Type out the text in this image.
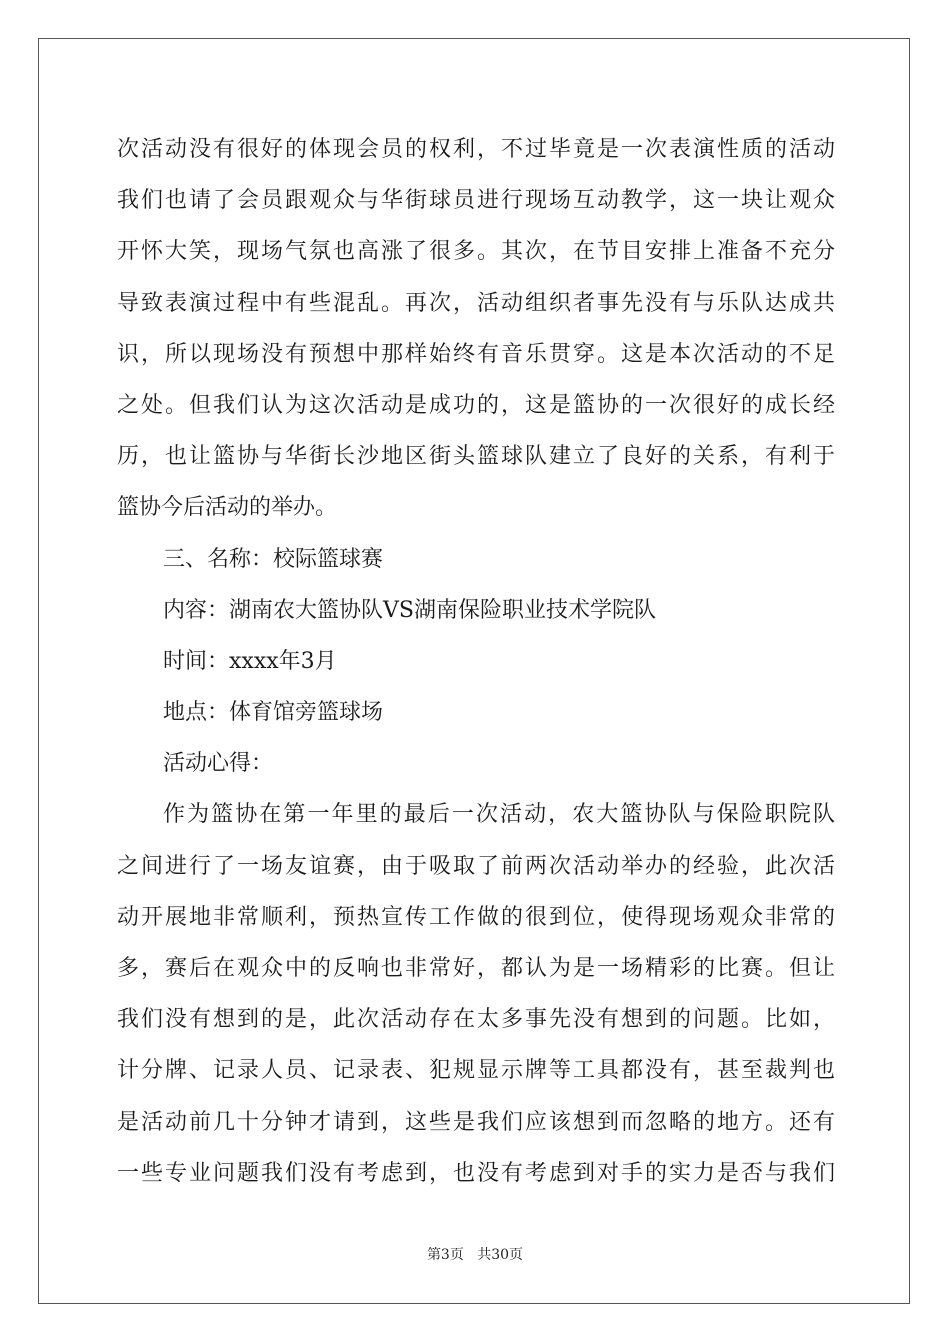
次活动没有很好的体现会员的权利，不过毕竟是一次表演性质的活动
我们也请了会员跟观众与华街球员进行现场互动教学，这一块让观众
开怀大笑，现场气氛也高涨了很多。其次，在节目安排上准备不充分
导致表演过程中有些混乱。再次，活动组织者事先没有与乐队达成共
识，所以现场没有预想中那样始终有音乐贯穿。这是本次活动的不足
之处。但我们认为这次活动是成功的，这是篮协的一次很好的成长经
历，也让篮协与华街长沙地区街头篮球队建立了良好的关系，有利于
篮协今后活动的举办。
三、名称：校际篮球赛
内容：湖南农大篮协队VS湖南保险职业技术学院队
时间：xxxx年3月
地点：体育馆旁篮球场
活动心得：
作为篮协在第一年里的最后一次活动，农大篮协队与保险职院队
之间进行了一场友谊赛，由于吸取了前两次活动举办的经验，此次活
动开展地非常顺利，预热宣传工作做的很到位，使得现场观众非常的
多，赛后在观众中的反响也非常好，都认为是一场精彩的比赛。但让
我们没有想到的是，此次活动存在太多事先没有想到的问题。比如，
计分牌、记录人员、记录表、犯规显示牌等工具都没有，甚至裁判也
是活动前几十分钟才请到，这些是我们应该想到而忽略的地方。还有
一些专业问题我们没有考虑到，也没有考虑到对手的实力是否与我们
第3页 共30页
